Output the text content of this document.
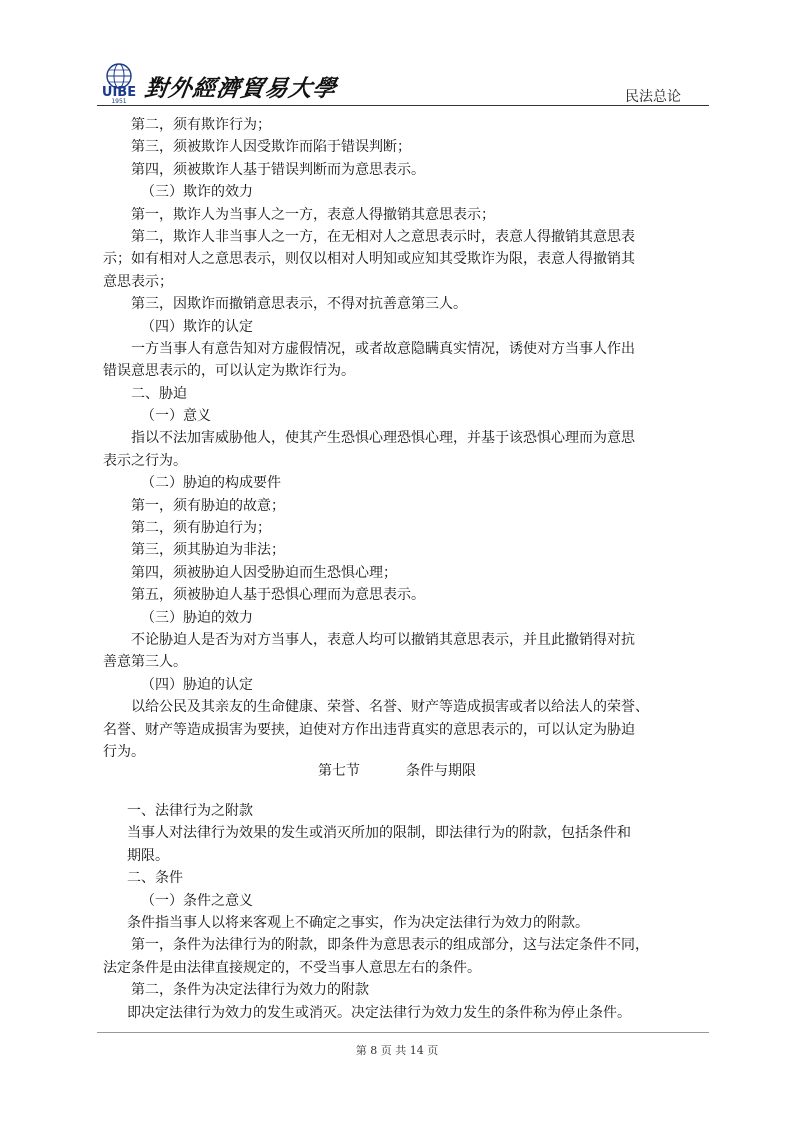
UIBE
1951 對外經濟貿易大學	民法总论
第二，须有欺诈行为；
第三，须被欺诈人因受欺诈而陷于错误判断；
第四，须被欺诈人基于错误判断而为意思表示。
（三）欺诈的效力
第一，欺诈人为当事人之一方，表意人得撤销其意思表示；
第二，欺诈人非当事人之一方，在无相对人之意思表示时，表意人得撤销其意思表
示；如有相对人之意思表示，则仅以相对人明知或应知其受欺诈为限，表意人得撤销其
意思表示；
第三，因欺诈而撤销意思表示，不得对抗善意第三人。
（四）欺诈的认定
一方当事人有意告知对方虚假情况，或者故意隐瞒真实情况，诱使对方当事人作出
错误意思表示的，可以认定为欺诈行为。
二、胁迫
（一）意义
指以不法加害威胁他人，使其产生恐惧心理恐惧心理，并基于该恐惧心理而为意思
表示之行为。
（二）胁迫的构成要件
第一，须有胁迫的故意；
第二，须有胁迫行为；
第三，须其胁迫为非法；
第四，须被胁迫人因受胁迫而生恐惧心理；
第五，须被胁迫人基于恐惧心理而为意思表示。
（三）胁迫的效力
不论胁迫人是否为对方当事人，表意人均可以撤销其意思表示，并且此撤销得对抗
善意第三人。
（四）胁迫的认定
以给公民及其亲友的生命健康、荣誉、名誉、财产等造成损害或者以给法人的荣誉、
名誉、财产等造成损害为要挟，迫使对方作出违背真实的意思表示的，可以认定为胁迫
行为。
第七节	条件与期限
一、法律行为之附款
当事人对法律行为效果的发生或消灭所加的限制，即法律行为的附款，包括条件和
期限。
二、条件
（一）条件之意义
条件指当事人以将来客观上不确定之事实，作为决定法律行为效力的附款。
第一，条件为法律行为的附款，即条件为意思表示的组成部分，这与法定条件不同，
法定条件是由法律直接规定的，不受当事人意思左右的条件。
第二，条件为决定法律行为效力的附款
即决定法律行为效力的发生或消灭。决定法律行为效力发生的条件称为停止条件。
第 8 页 共 14 页
